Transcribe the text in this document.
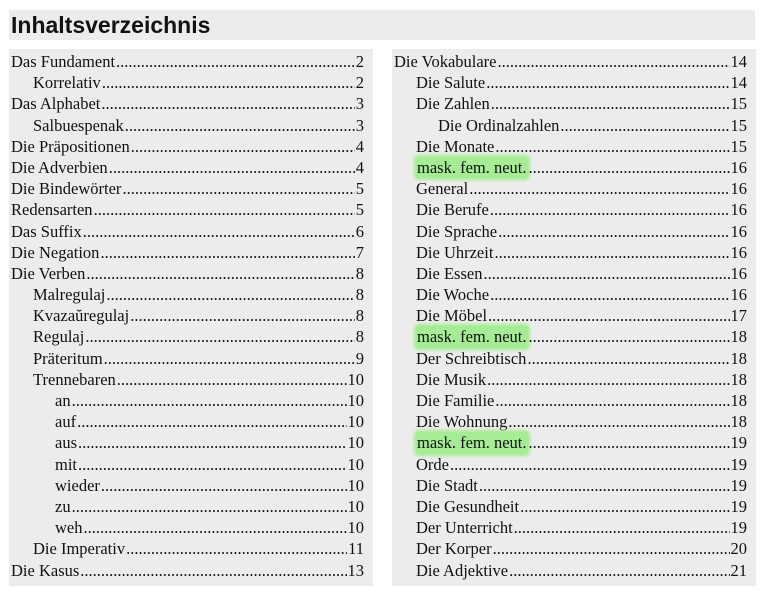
Inhaltsverzeichnis
Das Fundament .....	2
Korrelativ .....	2
Das Alphabet .....	3
Salbuespenak .....	3
Die Präpositionen .....	4
Die Adverbien .....	4
Die Bindewörter .....	5
Redensarten .....	5
Das Suffix .....	6
Die Negation .....	7
Die Verben .....	8
Malregulaj .....	8
Kvazaŭregulaj .....	8
Regulaj .....	8
Präteritum .....	9
Trennebaren .....	10
an .....	10
auf .....	10
aus .....	10
mit .....	10
wieder .....	10
zu .....	10
weh .....	10
Die Imperativ .....	11
Die Kasus .....	13
Die Vokabulare .....	14
Die Salute .....	14
Die Zahlen .....	15
Die Ordinalzahlen .....	15
Die Monate .....	15
mask. fem. neut. .....	16
General .....	16
Die Berufe .....	16
Die Sprache .....	16
Die Uhrzeit .....	16
Die Essen .....	16
Die Woche .....	16
Die Möbel .....	17
mask. fem. neut. .....	18
Der Schreibtisch .....	18
Die Musik .....	18
Die Familie .....	18
Die Wohnung .....	18
mask. fem. neut. .....	19
Orde .....	19
Die Stadt .....	19
Die Gesundheit .....	19
Der Unterricht .....	19
Der Korper .....	20
Die Adjektive .....	21
